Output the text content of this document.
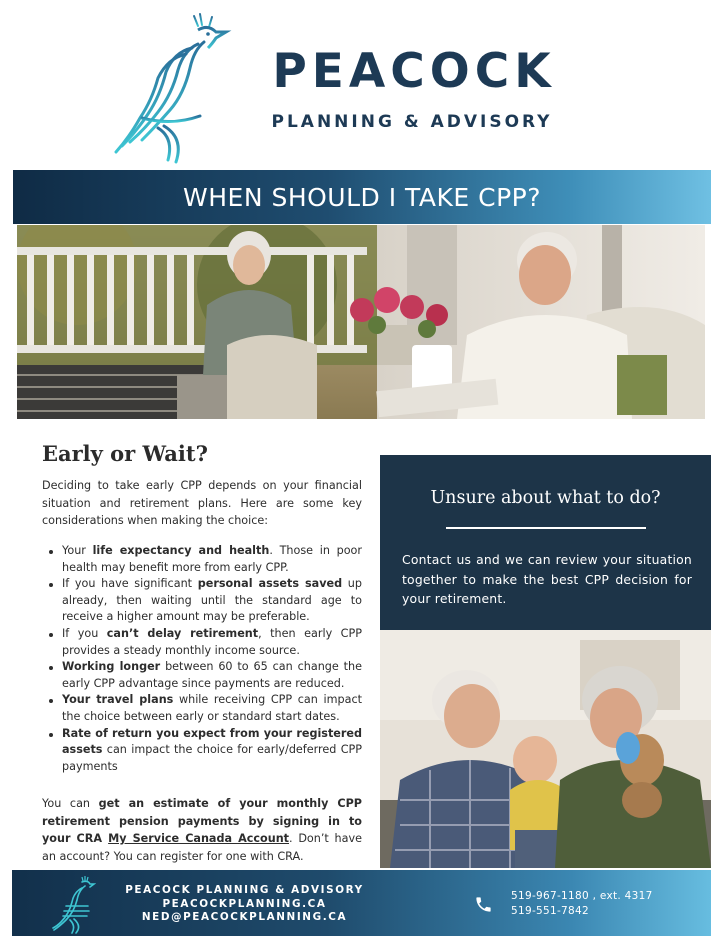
PEACOCK
PLANNING & ADVISORY
WHEN SHOULD I TAKE CPP?
Early or Wait?

Deciding to take early CPP depends on your financial situation and retirement plans. Here are some key considerations when making the choice:

Your life expectancy and health. Those in poor health may benefit more from early CPP.
If you have significant personal assets saved up already, then waiting until the standard age to receive a higher amount may be preferable.
If you can’t delay retirement, then early CPP provides a steady monthly income source.
Working longer between 60 to 65 can change the early CPP advantage since payments are reduced.
Your travel plans while receiving CPP can impact the choice between early or standard start dates.
Rate of return you expect from your registered assets can impact the choice for early/deferred CPP payments

You can get an estimate of your monthly CPP retirement pension payments by signing in to your CRA My Service Canada Account. Don’t have an account? You can register for one with CRA.

Unsure about what to do?

Contact us and we can review your situation together to make the best CPP decision for your retirement.

PEACOCK PLANNING & ADVISORY
PEACOCKPLANNING.CA
NED@PEACOCKPLANNING.CA
519-967-1180 , ext. 4317
519-551-7842
